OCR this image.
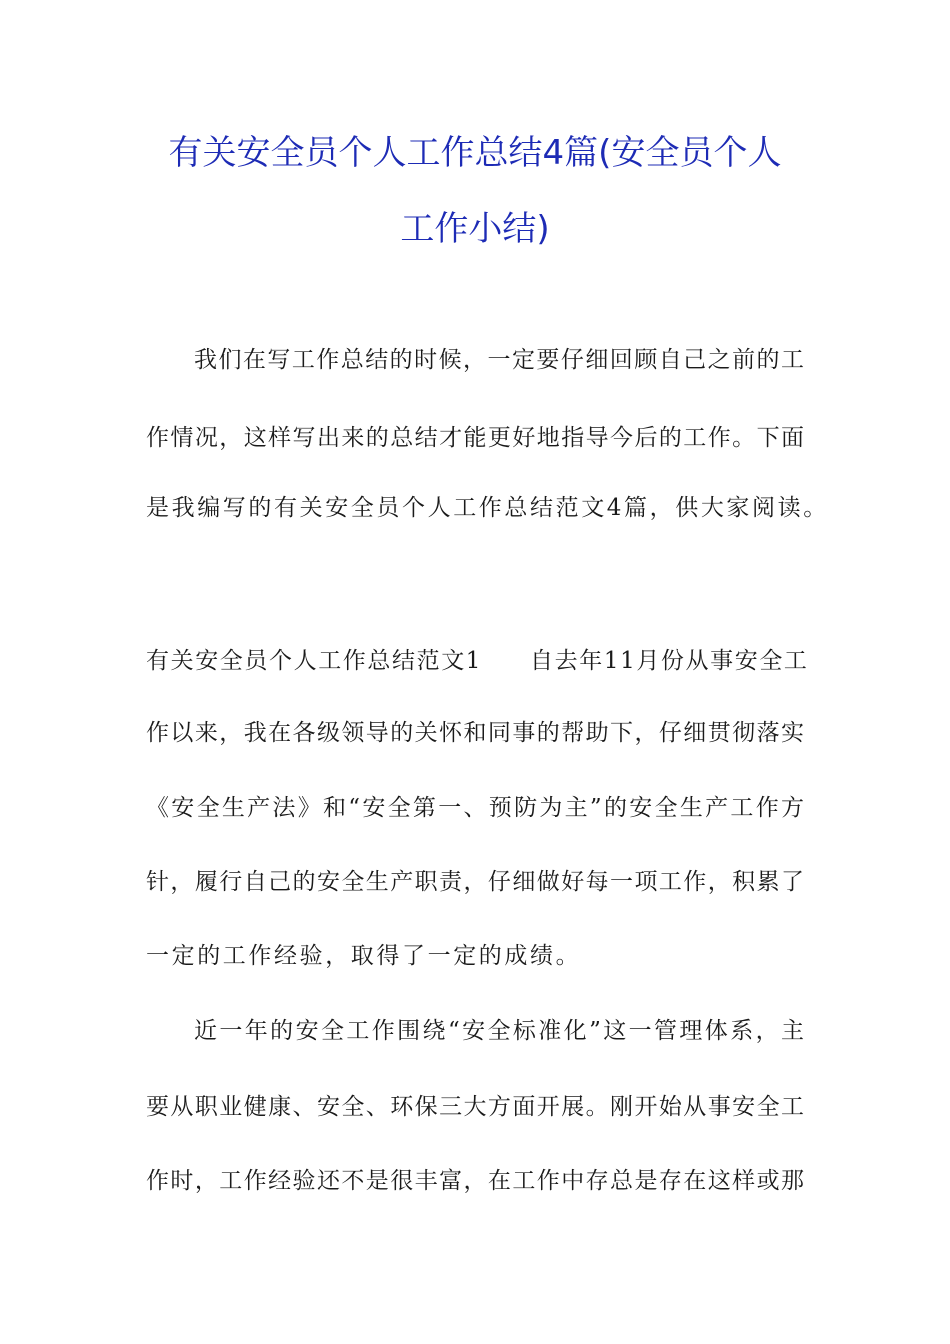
有关安全员个人工作总结4篇(安全员个人
工作小结)

我们在写工作总结的时候，一定要仔细回顾自己之前的工

作情况，这样写出来的总结才能更好地指导今后的工作。下面

是我编写的有关安全员个人工作总结范文4篇，供大家阅读。

有关安全员个人工作总结范文1 自去年11月份从事安全工

作以来，我在各级领导的关怀和同事的帮助下，仔细贯彻落实

《安全生产法》和“安全第一、预防为主”的安全生产工作方

针，履行自己的安全生产职责，仔细做好每一项工作，积累了

一定的工作经验，取得了一定的成绩。

近一年的安全工作围绕“安全标准化”这一管理体系，主

要从职业健康、安全、环保三大方面开展。刚开始从事安全工

作时，工作经验还不是很丰富，在工作中存总是存在这样或那
